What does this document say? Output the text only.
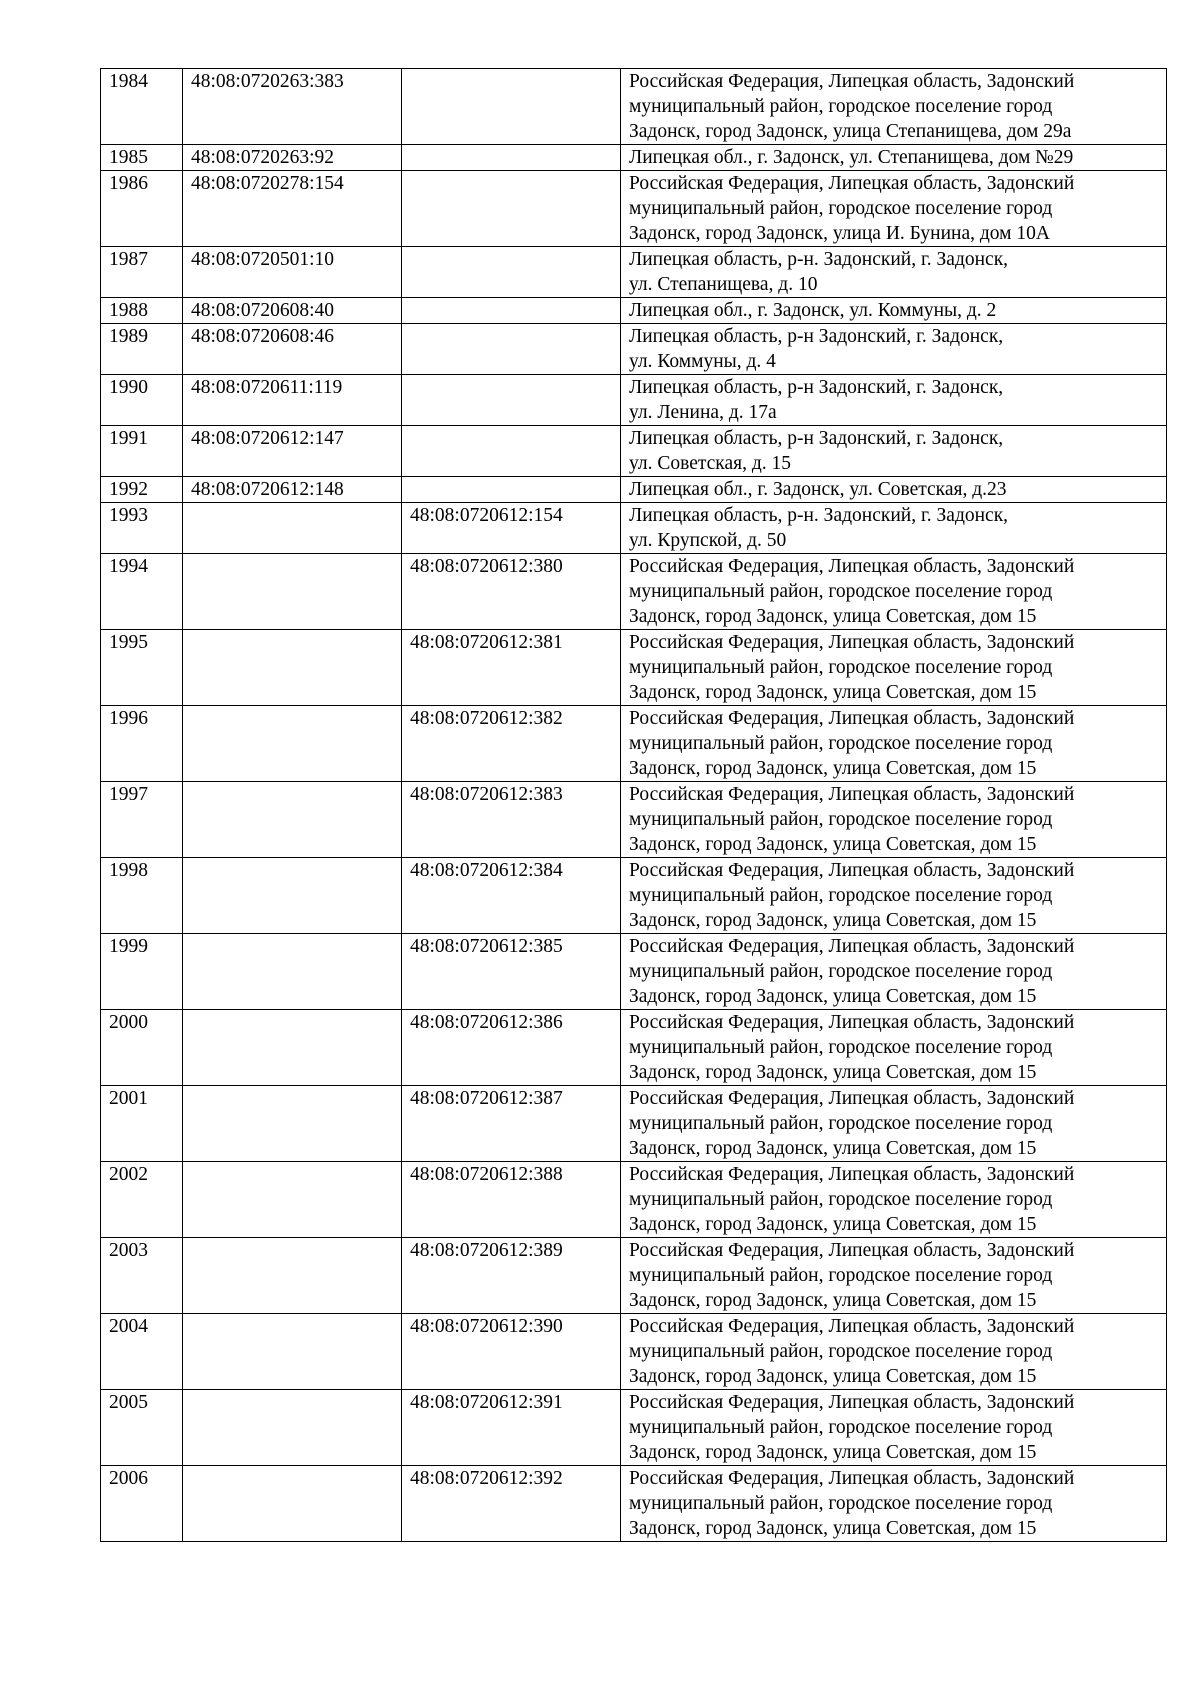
1984	48:08:0720263:383		Российская Федерация, Липецкая область, Задонский
муниципальный район, городское поселение город
Задонск, город Задонск, улица Степанищева, дом 29а
1985	48:08:0720263:92		Липецкая обл., г. Задонск, ул. Степанищева, дом №29
1986	48:08:0720278:154		Российская Федерация, Липецкая область, Задонский
муниципальный район, городское поселение город
Задонск, город Задонск, улица И. Бунина, дом 10А
1987	48:08:0720501:10		Липецкая область, р-н. Задонский, г. Задонск,
ул. Степанищева, д. 10
1988	48:08:0720608:40		Липецкая обл., г. Задонск, ул. Коммуны, д. 2
1989	48:08:0720608:46		Липецкая область, р-н Задонский, г. Задонск,
ул. Коммуны, д. 4
1990	48:08:0720611:119		Липецкая область, р-н Задонский, г. Задонск,
ул. Ленина, д. 17а
1991	48:08:0720612:147		Липецкая область, р-н Задонский, г. Задонск,
ул. Советская, д. 15
1992	48:08:0720612:148		Липецкая обл., г. Задонск, ул. Советская, д.23
1993		48:08:0720612:154	Липецкая область, р-н. Задонский, г. Задонск,
ул. Крупской, д. 50
1994		48:08:0720612:380	Российская Федерация, Липецкая область, Задонский
муниципальный район, городское поселение город
Задонск, город Задонск, улица Советская, дом 15
1995		48:08:0720612:381	Российская Федерация, Липецкая область, Задонский
муниципальный район, городское поселение город
Задонск, город Задонск, улица Советская, дом 15
1996		48:08:0720612:382	Российская Федерация, Липецкая область, Задонский
муниципальный район, городское поселение город
Задонск, город Задонск, улица Советская, дом 15
1997		48:08:0720612:383	Российская Федерация, Липецкая область, Задонский
муниципальный район, городское поселение город
Задонск, город Задонск, улица Советская, дом 15
1998		48:08:0720612:384	Российская Федерация, Липецкая область, Задонский
муниципальный район, городское поселение город
Задонск, город Задонск, улица Советская, дом 15
1999		48:08:0720612:385	Российская Федерация, Липецкая область, Задонский
муниципальный район, городское поселение город
Задонск, город Задонск, улица Советская, дом 15
2000		48:08:0720612:386	Российская Федерация, Липецкая область, Задонский
муниципальный район, городское поселение город
Задонск, город Задонск, улица Советская, дом 15
2001		48:08:0720612:387	Российская Федерация, Липецкая область, Задонский
муниципальный район, городское поселение город
Задонск, город Задонск, улица Советская, дом 15
2002		48:08:0720612:388	Российская Федерация, Липецкая область, Задонский
муниципальный район, городское поселение город
Задонск, город Задонск, улица Советская, дом 15
2003		48:08:0720612:389	Российская Федерация, Липецкая область, Задонский
муниципальный район, городское поселение город
Задонск, город Задонск, улица Советская, дом 15
2004		48:08:0720612:390	Российская Федерация, Липецкая область, Задонский
муниципальный район, городское поселение город
Задонск, город Задонск, улица Советская, дом 15
2005		48:08:0720612:391	Российская Федерация, Липецкая область, Задонский
муниципальный район, городское поселение город
Задонск, город Задонск, улица Советская, дом 15
2006		48:08:0720612:392	Российская Федерация, Липецкая область, Задонский
муниципальный район, городское поселение город
Задонск, город Задонск, улица Советская, дом 15
